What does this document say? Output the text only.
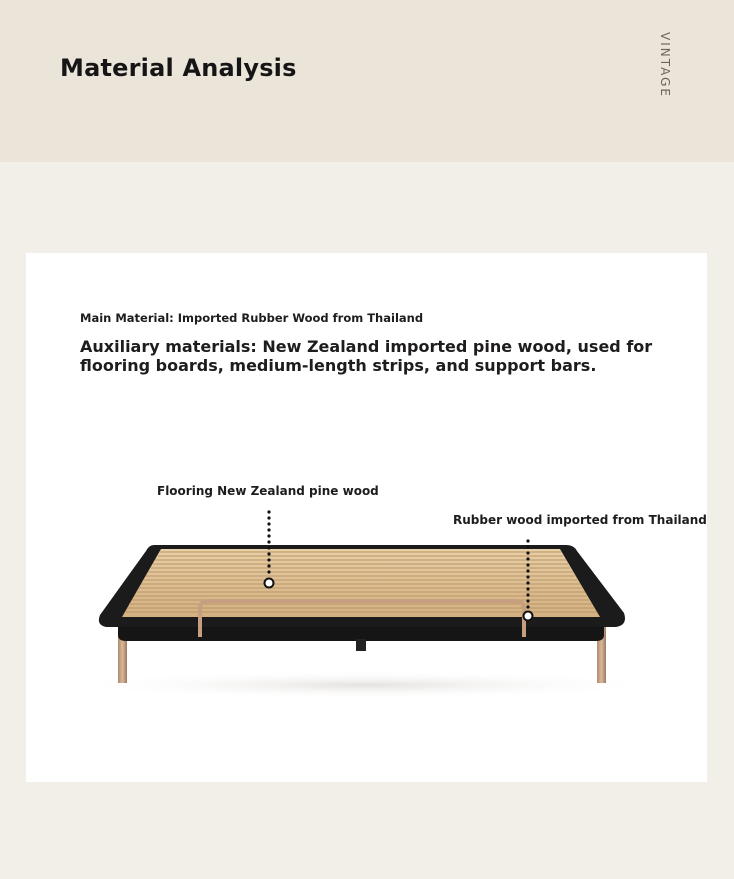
Material Analysis	VINTAGE
Main Material: Imported Rubber Wood from Thailand
Auxiliary materials: New Zealand imported pine wood, used for flooring boards, medium-length strips, and support bars.
Flooring New Zealand pine wood
Rubber wood imported from Thailand
